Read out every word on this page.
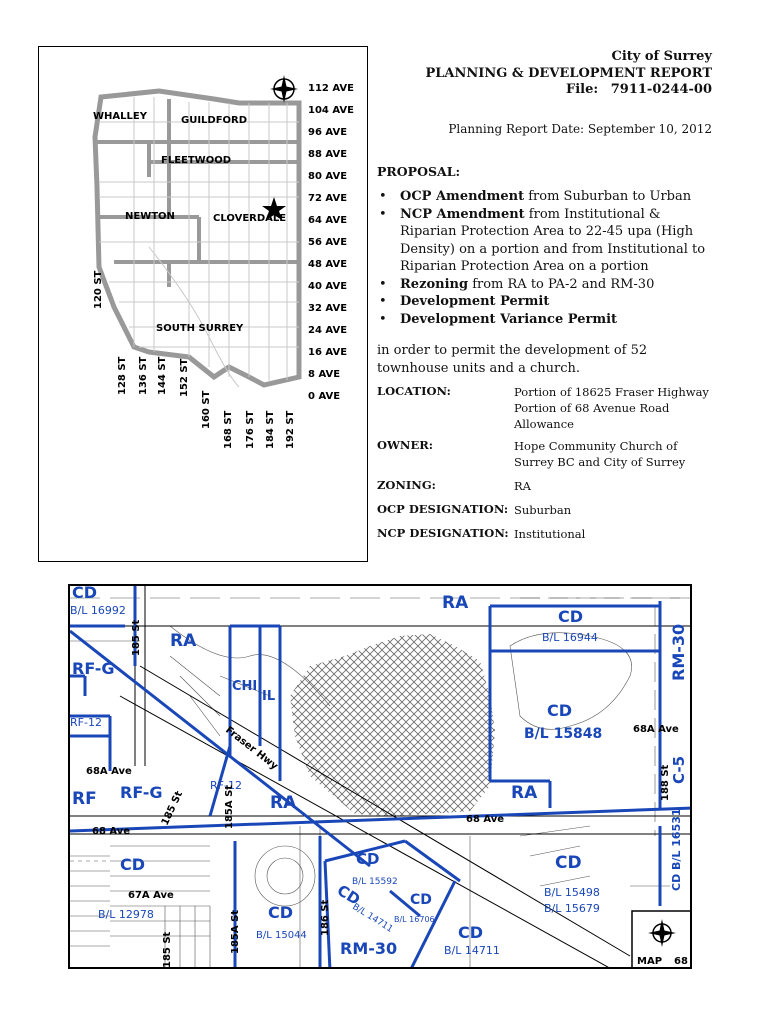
WHALLEY	GUILDFORD
FLEETWOOD
NEWTON	CLOVERDALE
SOUTH SURREY
112 AVE
104 AVE
96 AVE
88 AVE
80 AVE
72 AVE
64 AVE
56 AVE
48 AVE
40 AVE
32 AVE
24 AVE
16 AVE
8 AVE
0 AVE
120 ST
128 ST 136 ST 144 ST 152 ST
160 ST
168 ST 176 ST 184 ST 192 ST
City of Surrey
PLANNING & DEVELOPMENT REPORT
File: 7911-0244-00
Planning Report Date: September 10, 2012
PROPOSAL:
• OCP Amendment from Suburban to Urban
• NCP Amendment from Institutional & Riparian Protection Area to 22-45 upa (High Density) on a portion and from Institutional to Riparian Protection Area on a portion
• Rezoning from RA to PA-2 and RM-30
• Development Permit
• Development Variance Permit
in order to permit the development of 52 townhouse units and a church.
LOCATION:	Portion of 18625 Fraser Highway Portion of 68 Avenue Road Allowance
OWNER:	Hope Community Church of Surrey BC and City of Surrey
ZONING:	RA
OCP DESIGNATION: Suburban
NCP DESIGNATION: Institutional
CD
B/L 16992
RA
RA
CD
B/L 16944	RM-30
RF-G
CHI
IL
RF-12
CD
B/L 15848
C-5
RF RF-G	RF-12
RA	RA
CD
B/L 12978	CD
B/L 15044
CD
B/L 15592
CD
B/L 14711
CD
B/L 16706
RM-30
CD
B/L 14711
CD
B/L 15498
B/L 15679
CD B/L 16531
185 St
Fraser Hwy	68A Ave
68A Ave
185 St	185A St
68 Ave
68 Ave
188 St
67A Ave
185A St	186 St
185 St	MAP 68
